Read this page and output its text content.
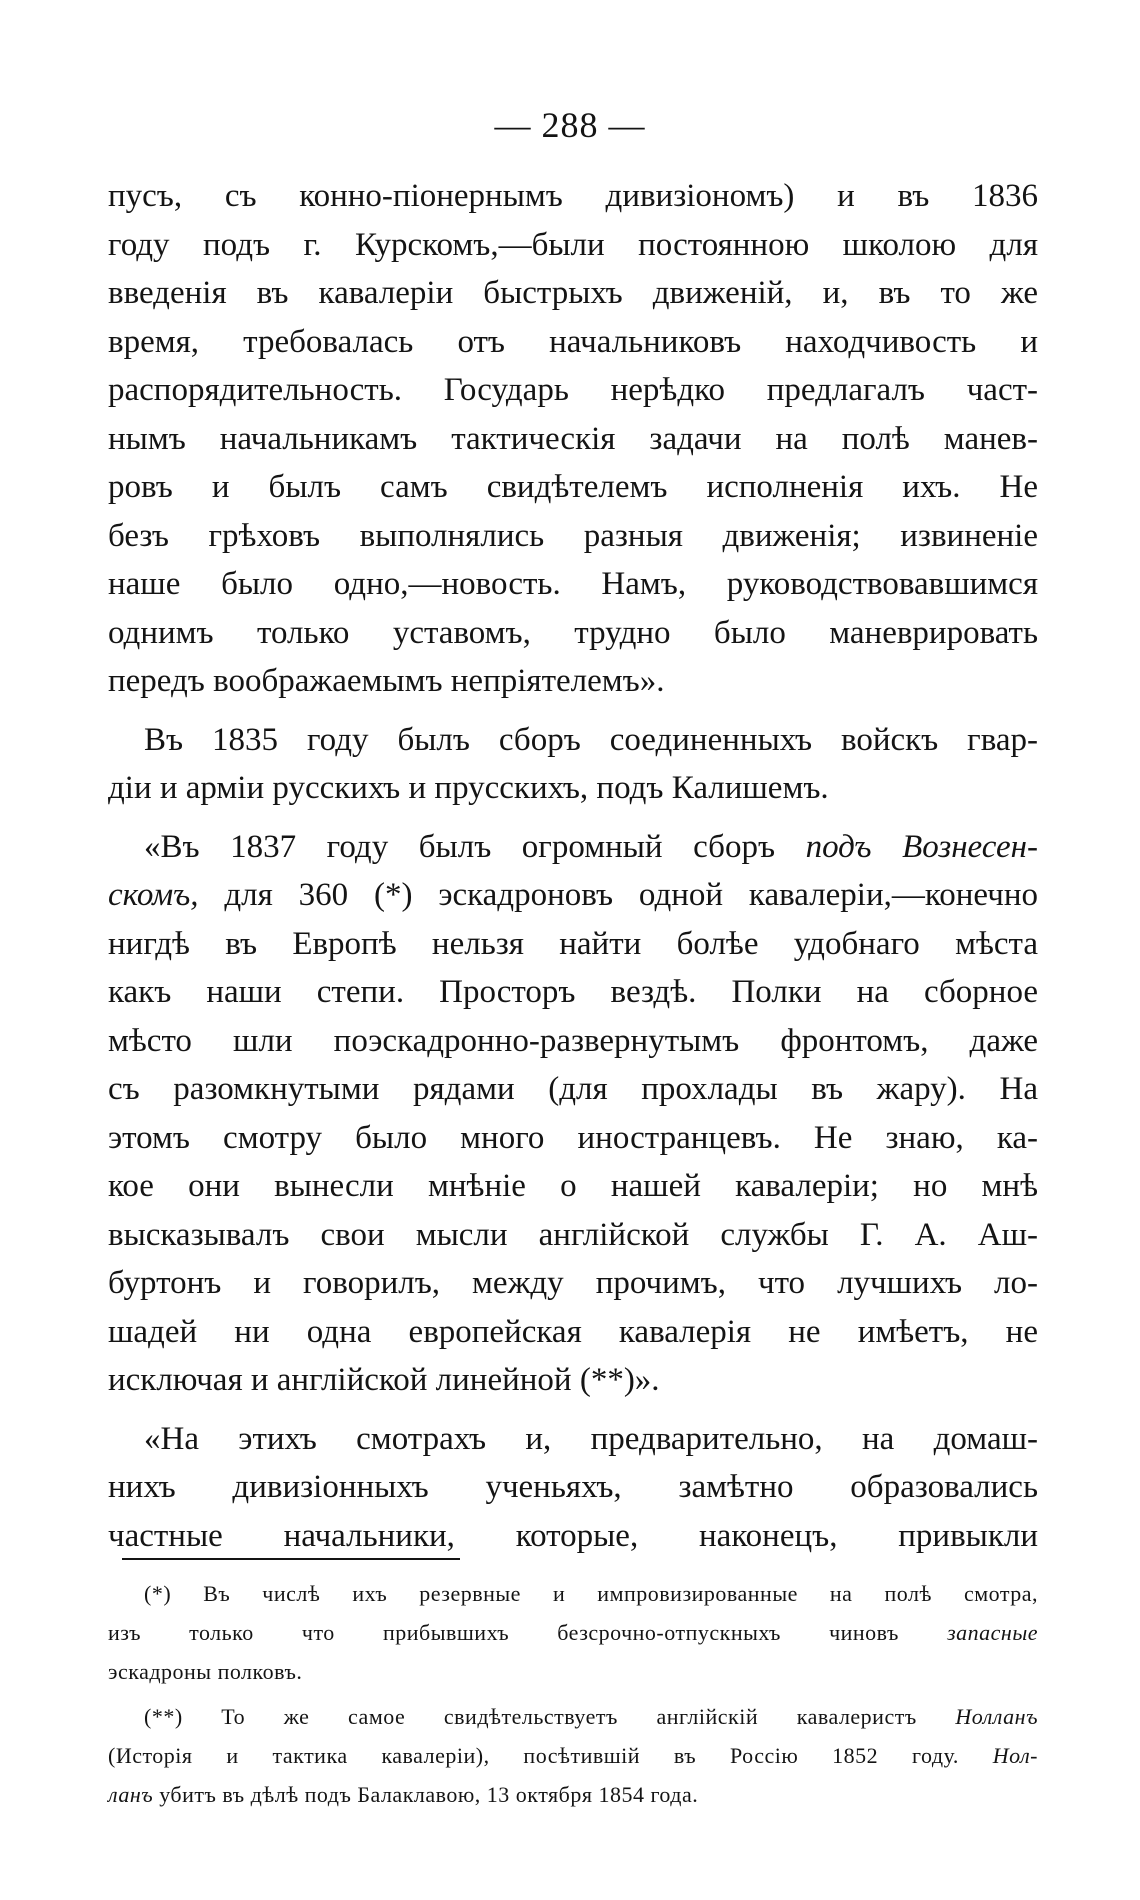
— 288 —
пусъ, съ конно-піонернымъ дивизіономъ) и въ 1836
году подъ г. Курскомъ,—были постоянною школою для
введенія въ кавалеріи быстрыхъ движеній, и, въ то же
время, требовалась отъ начальниковъ находчивость и
распорядительность. Государь нерѣдко предлагалъ част-
нымъ начальникамъ тактическія задачи на полѣ манев-
ровъ и былъ самъ свидѣтелемъ исполненія ихъ. Не
безъ грѣховъ выполнялись разныя движенія; извиненіе
наше было одно,—новость. Намъ, руководствовавшимся
однимъ только уставомъ, трудно было маневрировать
передъ воображаемымъ непріятелемъ».
Въ 1835 году былъ сборъ соединенныхъ войскъ гвар-
діи и арміи русскихъ и прусскихъ, подъ Калишемъ.
«Въ 1837 году былъ огромный сборъ подъ Вознесен-
скомъ, для 360 (*) эскадроновъ одной кавалеріи,—конечно
нигдѣ въ Европѣ нельзя найти болѣе удобнаго мѣста
какъ наши степи. Просторъ вездѣ. Полки на сборное
мѣсто шли поэскадронно-развернутымъ фронтомъ, даже
съ разомкнутыми рядами (для прохлады въ жару). На
этомъ смотру было много иностранцевъ. Не знаю, ка-
кое они вынесли мнѣніе о нашей кавалеріи; но мнѣ
высказывалъ свои мысли англійской службы Г. А. Аш-
буртонъ и говорилъ, между прочимъ, что лучшихъ ло-
шадей ни одна европейская кавалерія не имѣетъ, не
исключая и англійской линейной (**)».
«На этихъ смотрахъ и, предварительно, на домаш-
нихъ дивизіонныхъ ученьяхъ, замѣтно образовались
частные начальники, которые, наконецъ, привыкли
(*) Въ числѣ ихъ резервные и импровизированные на полѣ смотра,
изъ только что прибывшихъ безсрочно-отпускныхъ чиновъ запасные
эскадроны полковъ.
(**) То же самое свидѣтельствуетъ англійскій кавалеристъ Нолланъ
(Исторія и тактика кавалеріи), посѣтившій въ Россію 1852 году. Нол-
ланъ убитъ въ дѣлѣ подъ Балаклавою, 13 октября 1854 года.
